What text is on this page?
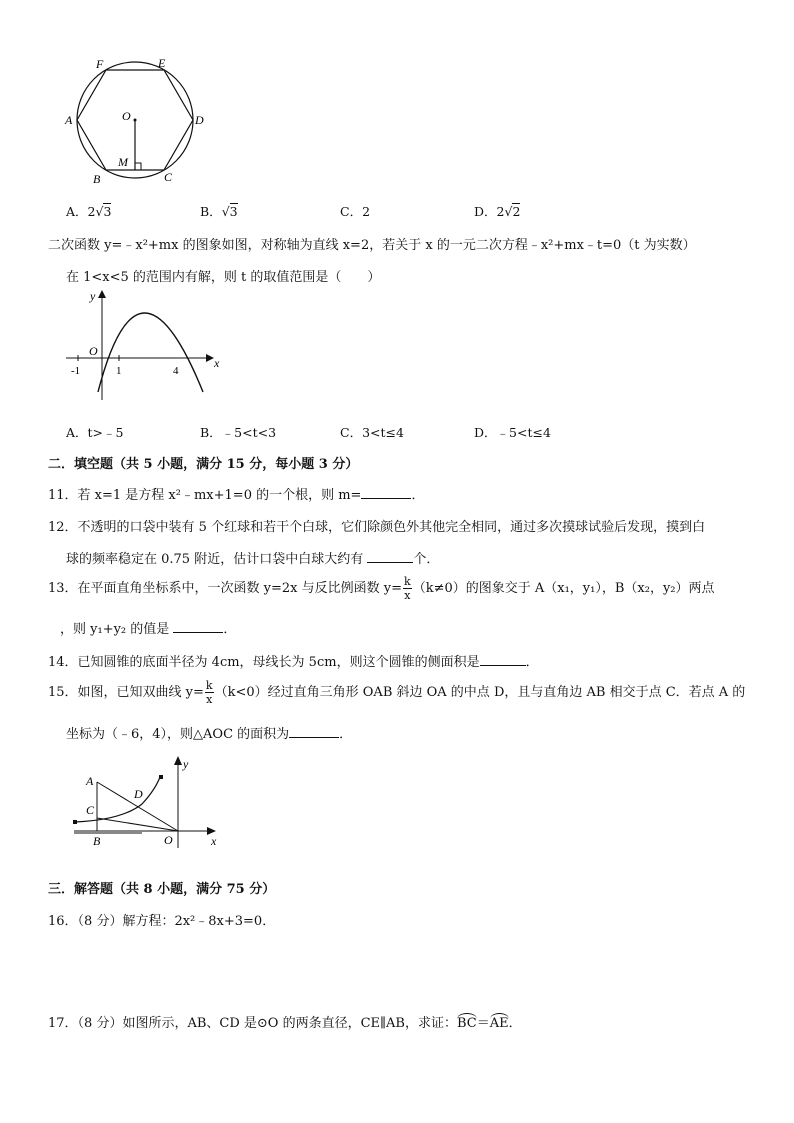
F	E
A	O	D
M
B	C
A．2√3	B．√3	C．2	D．2√2
二次函数 y=﹣x²+mx 的图象如图，对称轴为直线 x=2，若关于 x 的一元二次方程﹣x²+mx﹣t=0（t 为实数）
在 1<x<5 的范围内有解，则 t 的取值范围是（　　）
y
x
O
-1	1	4
A．t>﹣5	B．﹣5<t<3	C．3<t≤4	D．﹣5<t≤4
二．填空题（共 5 小题，满分 15 分，每小题 3 分）
11．若 x=1 是方程 x²﹣mx+1=0 的一个根，则 m=	．
12．不透明的口袋中装有 5 个红球和若干个白球，它们除颜色外其他完全相同，通过多次摸球试验后发现，摸到白
球的频率稳定在 0.75 附近，估计口袋中白球大约有	个．
13．在平面直角坐标系中，一次函数 y=2x 与反比例函数 $y= \frac{k}{x} (k\ne 0)$的图象交于 A（x₁，y₁），B（x₂，y₂）两点
，则 y₁+y₂ 的值是	．
14．已知圆锥的底面半径为 4cm，母线长为 5cm，则这个圆锥的侧面积是	．
15．如图，已知双曲线 $y= \frac{k}{x} (k<0)$经过直角三角形 OAB 斜边 OA 的中点 D，且与直角边 AB 相交于点 C．若点 A 的
坐标为（﹣6，4），则△AOC 的面积为	．
A
C
D
B	O	x
y
三．解答题（共 8 小题，满分 75 分）
16．（8 分）解方程：2x²﹣8x+3=0．
17．（8 分）如图所示，AB、CD 是⊙O 的两条直径，CE∥AB，求证：BC＝AE．
